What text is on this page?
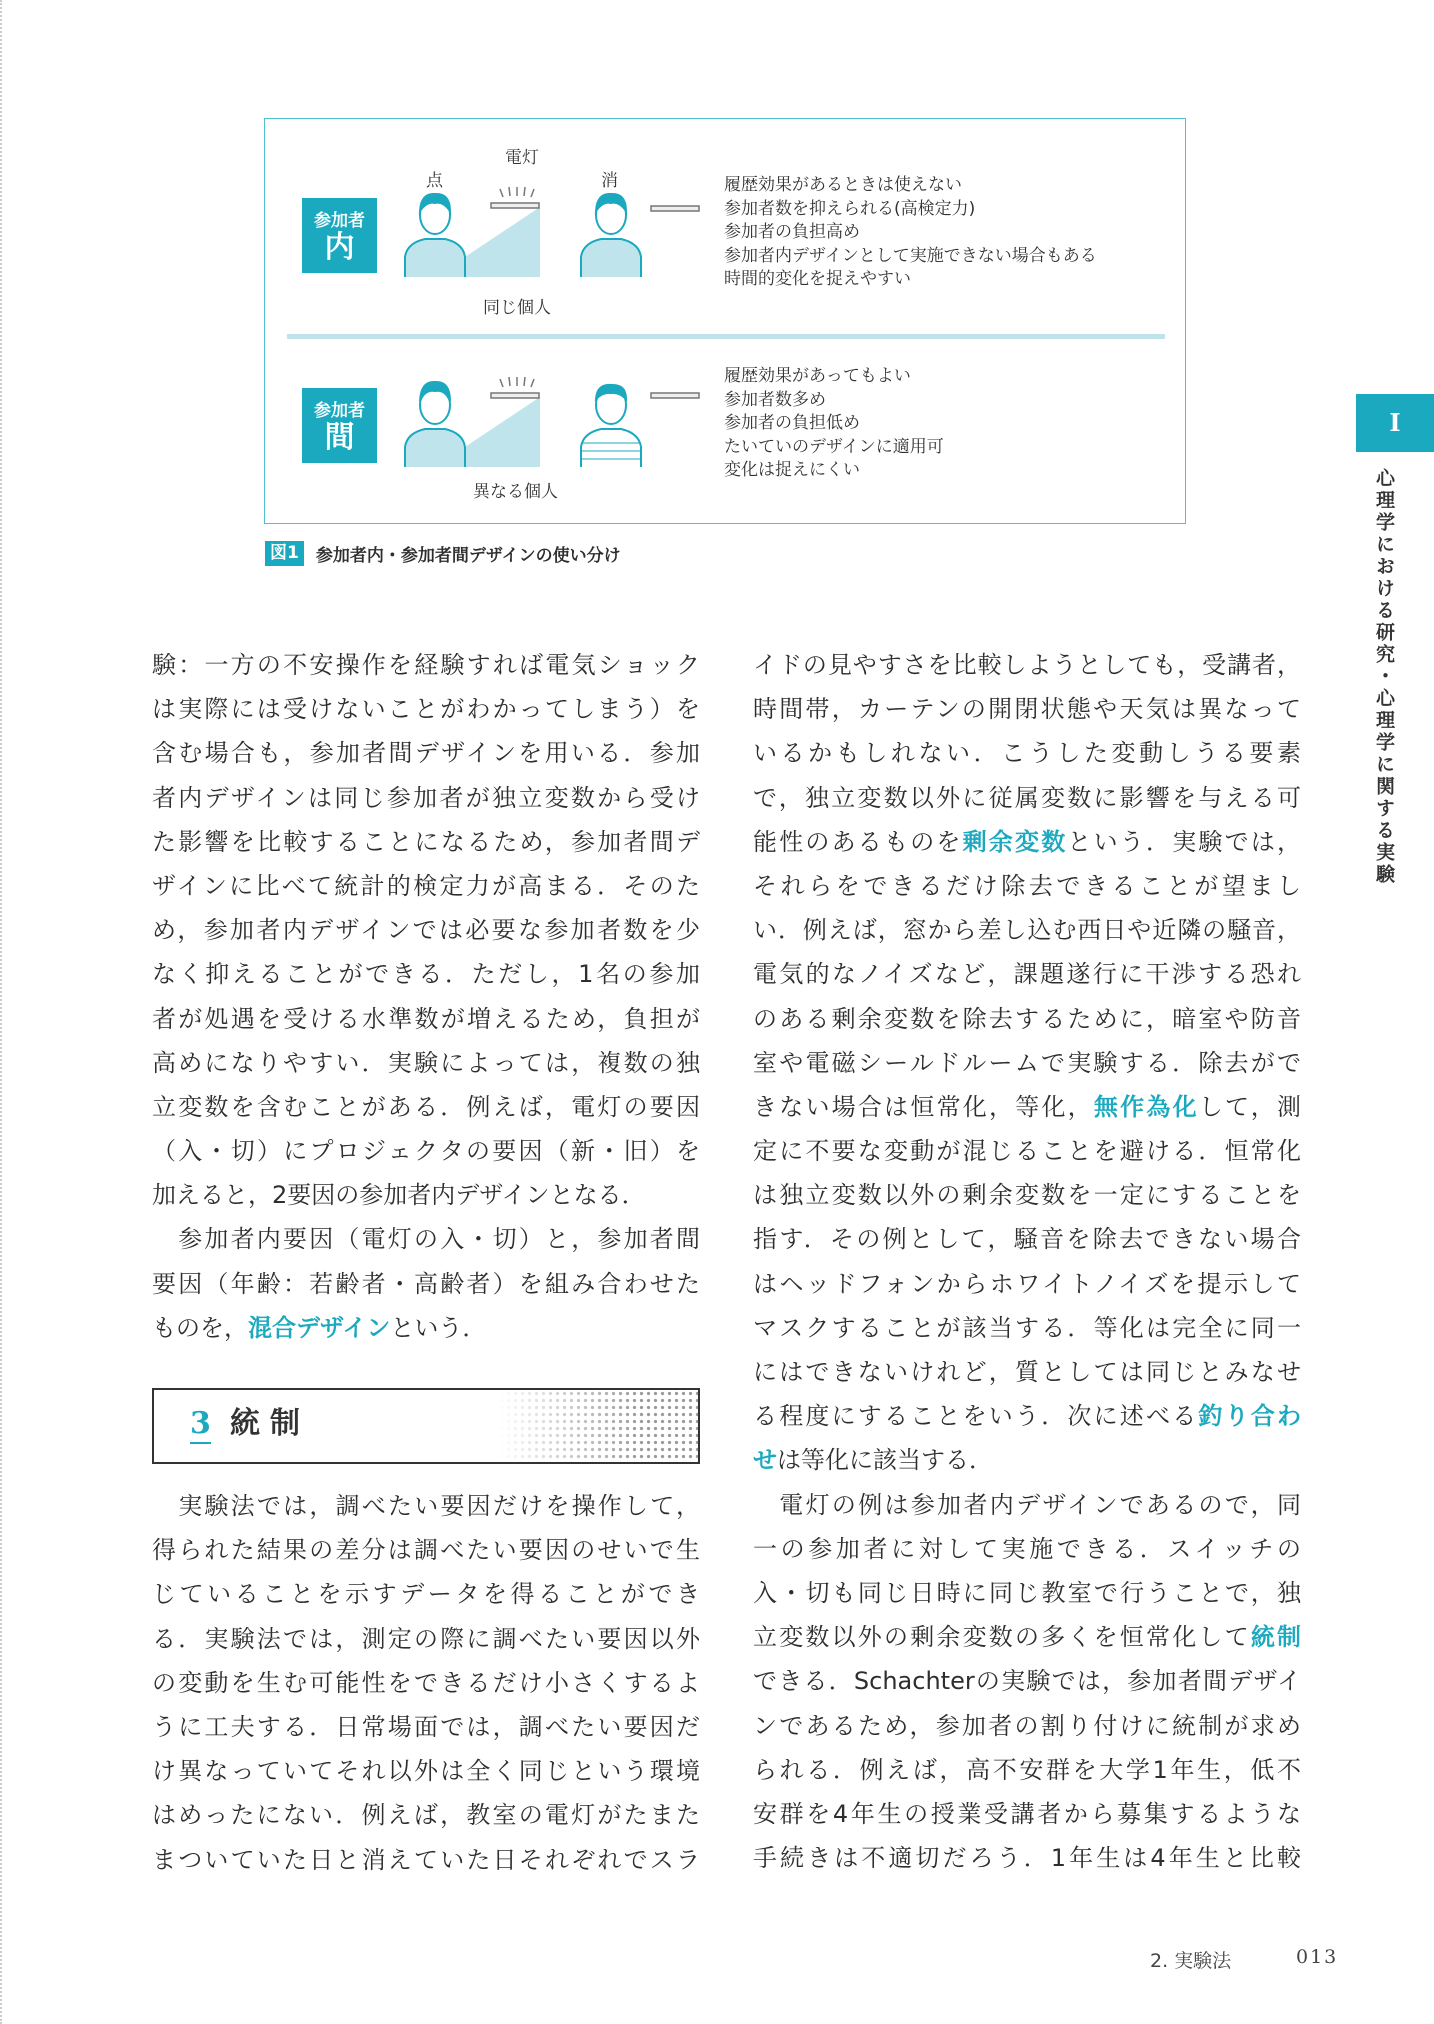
参加者
内
電灯
点	消
同じ個人
履歴効果があるときは使えない
参加者数を抑えられる(高検定力)
参加者の負担高め
参加者内デザインとして実施できない場合もある
時間的変化を捉えやすい
参加者
間
異なる個人
履歴効果があってもよい
参加者数多め
参加者の負担低め
たいていのデザインに適用可
変化は捉えにくい
図1 参加者内・参加者間デザインの使い分け
験：一方の不安操作を経験すれば電気ショック
は実際には受けないことがわかってしまう）を
含む場合も，参加者間デザインを用いる．参加
者内デザインは同じ参加者が独立変数から受け
た影響を比較することになるため，参加者間デ
ザインに比べて統計的検定力が高まる．そのた
め，参加者内デザインでは必要な参加者数を少
なく抑えることができる．ただし，1名の参加
者が処遇を受ける水準数が増えるため，負担が
高めになりやすい．実験によっては，複数の独
立変数を含むことがある．例えば，電灯の要因
（入・切）にプロジェクタの要因（新・旧）を
加えると，2要因の参加者内デザインとなる．
　参加者内要因（電灯の入・切）と，参加者間
要因（年齢：若齢者・高齢者）を組み合わせた
ものを，混合デザインという．
3 統制
　実験法では，調べたい要因だけを操作して，
得られた結果の差分は調べたい要因のせいで生
じていることを示すデータを得ることができ
る．実験法では，測定の際に調べたい要因以外
の変動を生む可能性をできるだけ小さくするよ
うに工夫する．日常場面では，調べたい要因だ
け異なっていてそれ以外は全く同じという環境
はめったにない．例えば，教室の電灯がたまた
まついていた日と消えていた日それぞれでスラ
イドの見やすさを比較しようとしても，受講者，
時間帯，カーテンの開閉状態や天気は異なって
いるかもしれない．こうした変動しうる要素
で，独立変数以外に従属変数に影響を与える可
能性のあるものを剰余変数という．実験では，
それらをできるだけ除去できることが望まし
い．例えば，窓から差し込む西日や近隣の騒音，
電気的なノイズなど，課題遂行に干渉する恐れ
のある剰余変数を除去するために，暗室や防音
室や電磁シールドルームで実験する．除去がで
きない場合は恒常化，等化，無作為化して，測
定に不要な変動が混じることを避ける．恒常化
は独立変数以外の剰余変数を一定にすることを
指す．その例として，騒音を除去できない場合
はヘッドフォンからホワイトノイズを提示して
マスクすることが該当する．等化は完全に同一
にはできないけれど，質としては同じとみなせ
る程度にすることをいう．次に述べる釣り合わ
せは等化に該当する．
　電灯の例は参加者内デザインであるので，同
一の参加者に対して実施できる．スイッチの
入・切も同じ日時に同じ教室で行うことで，独
立変数以外の剰余変数の多くを恒常化して統制
できる．Schachterの実験では，参加者間デザイ
ンであるため，参加者の割り付けに統制が求め
られる．例えば，高不安群を大学1年生，低不
安群を4年生の授業受講者から募集するような
手続きは不適切だろう．1年生は4年生と比較
I
心理学における研究・心理学に関する実験
2. 実験法	013
